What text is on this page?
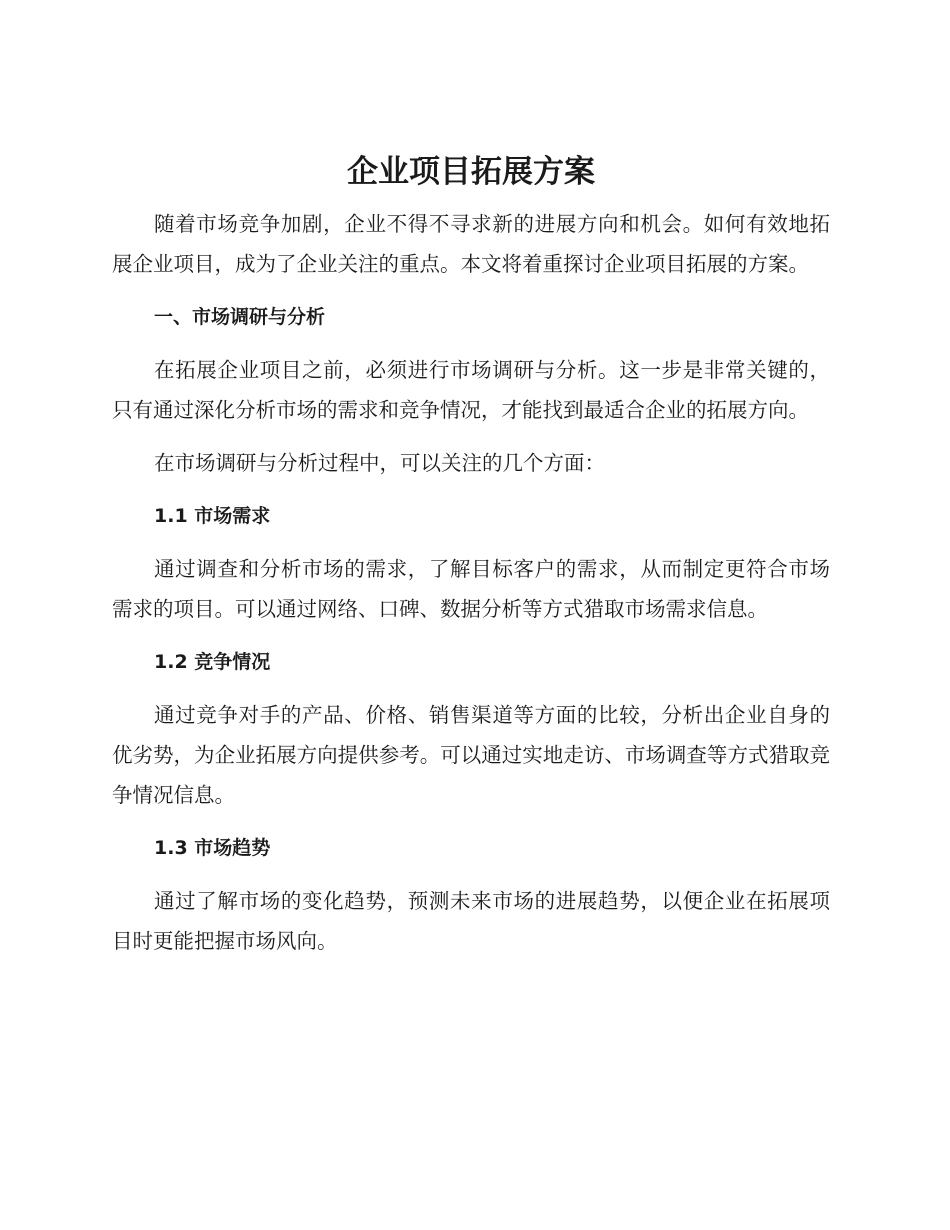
企业项目拓展方案

随着市场竞争加剧，企业不得不寻求新的进展方向和机会。如何有效地拓展企业项目，成为了企业关注的重点。本文将着重探讨企业项目拓展的方案。

一、市场调研与分析

在拓展企业项目之前，必须进行市场调研与分析。这一步是非常关键的，只有通过深化分析市场的需求和竞争情况，才能找到最适合企业的拓展方向。

在市场调研与分析过程中，可以关注的几个方面：

1.1 市场需求

通过调查和分析市场的需求，了解目标客户的需求，从而制定更符合市场需求的项目。可以通过网络、口碑、数据分析等方式猎取市场需求信息。

1.2 竞争情况

通过竞争对手的产品、价格、销售渠道等方面的比较，分析出企业自身的优劣势，为企业拓展方向提供参考。可以通过实地走访、市场调查等方式猎取竞争情况信息。

1.3 市场趋势

通过了解市场的变化趋势，预测未来市场的进展趋势，以便企业在拓展项目时更能把握市场风向。
